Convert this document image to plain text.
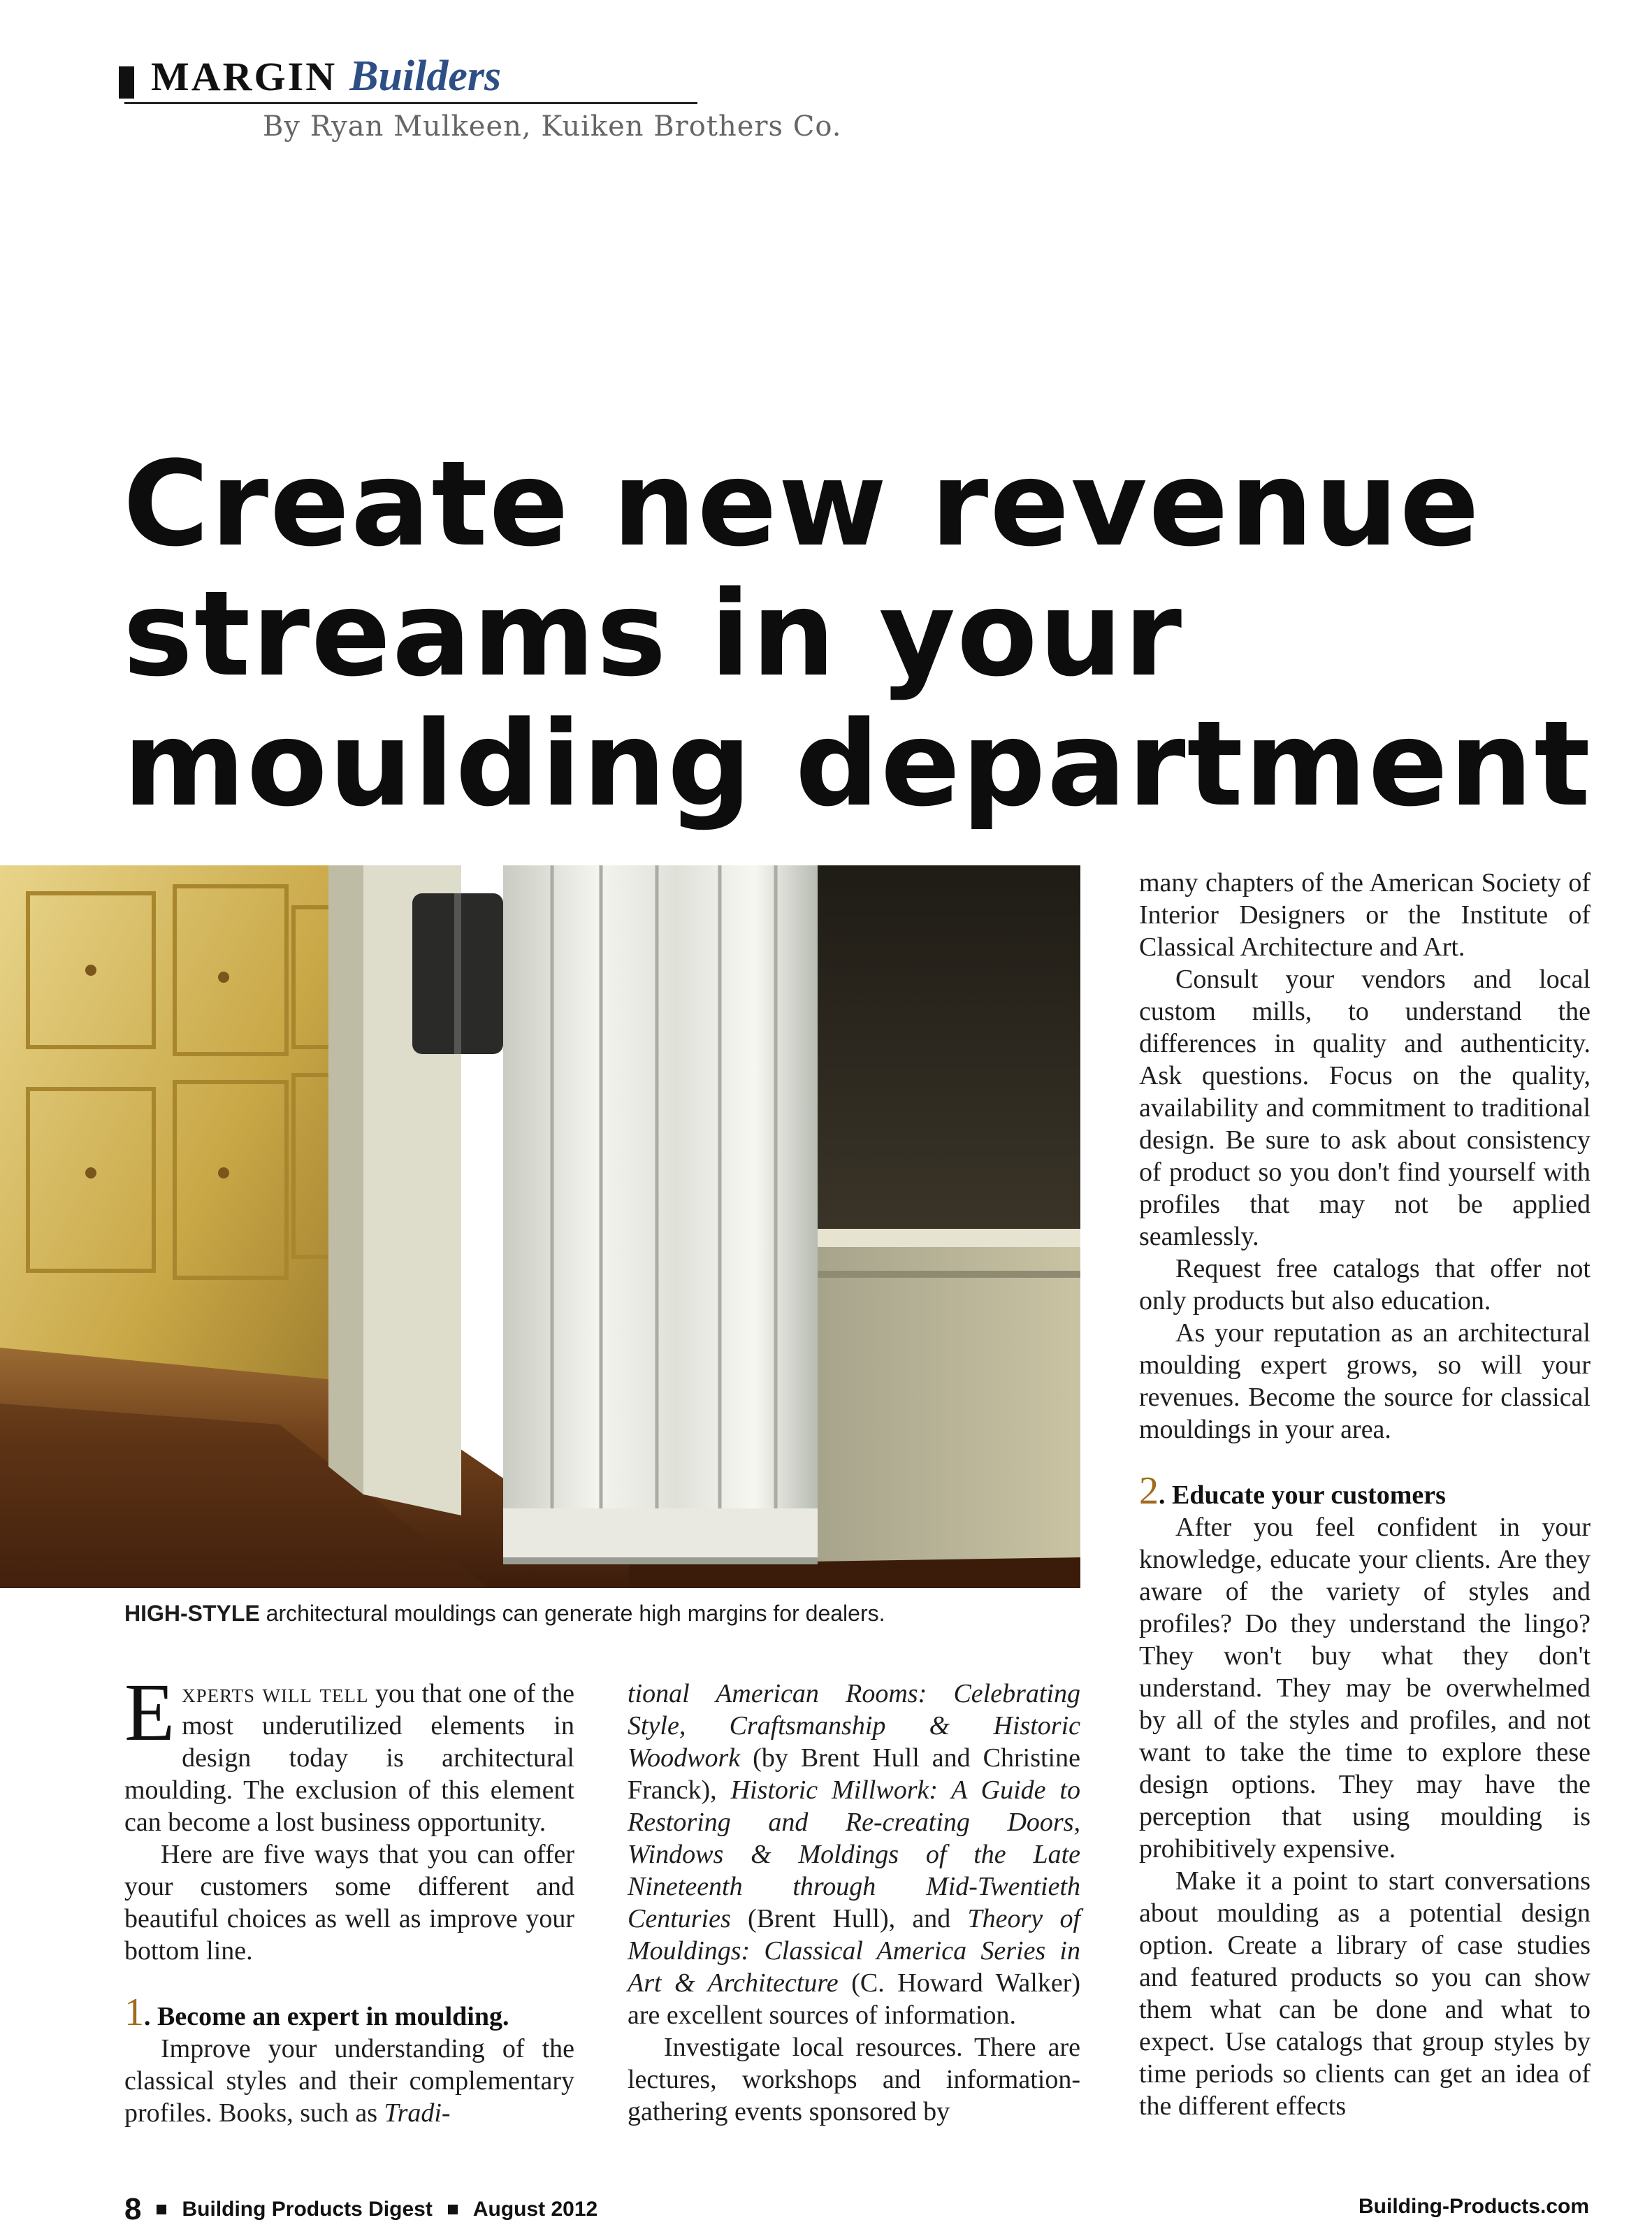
MARGIN Builders
By Ryan Mulkeen, Kuiken Brothers Co.
Create new revenue
streams in your
moulding department
HIGH-STYLE architectural mouldings can generate high margins for dealers.

Experts will tell you that one of the most underutilized elements in design today is architectural moulding. The exclusion of this element can become a lost business opportunity.

Here are five ways that you can offer your customers some different and beautiful choices as well as improve your bottom line.

1. Become an expert in moulding.

Improve your understanding of the classical styles and their complementary profiles. Books, such as Tradi-

tional American Rooms: Celebrating Style, Craftsmanship & Historic Woodwork (by Brent Hull and Christine Franck), Historic Millwork: A Guide to Restoring and Re-creating Doors, Windows & Moldings of the Late Nineteenth through Mid-Twentieth Centuries (Brent Hull), and Theory of Mouldings: Classical America Series in Art & Architecture (C. Howard Walker) are excellent sources of information.

Investigate local resources. There are lectures, workshops and information-gathering events sponsored by

many chapters of the American Society of Interior Designers or the Institute of Classical Architecture and Art.

Consult your vendors and local custom mills, to understand the differences in quality and authenticity. Ask questions. Focus on the quality, availability and commitment to traditional design. Be sure to ask about consistency of product so you don't find yourself with profiles that may not be applied seamlessly.

Request free catalogs that offer not only products but also education.

As your reputation as an architectural moulding expert grows, so will your revenues. Become the source for classical mouldings in your area.

2. Educate your customers

After you feel confident in your knowledge, educate your clients. Are they aware of the variety of styles and profiles? Do they understand the lingo? They won't buy what they don't understand. They may be overwhelmed by all of the styles and profiles, and not want to take the time to explore these design options. They may have the perception that using moulding is prohibitively expensive.

Make it a point to start conversations about moulding as a potential design option. Create a library of case studies and featured products so you can show them what can be done and what to expect. Use catalogs that group styles by time periods so clients can get an idea of the different effects

8 Building Products Digest August 2012	Building-Products.com
